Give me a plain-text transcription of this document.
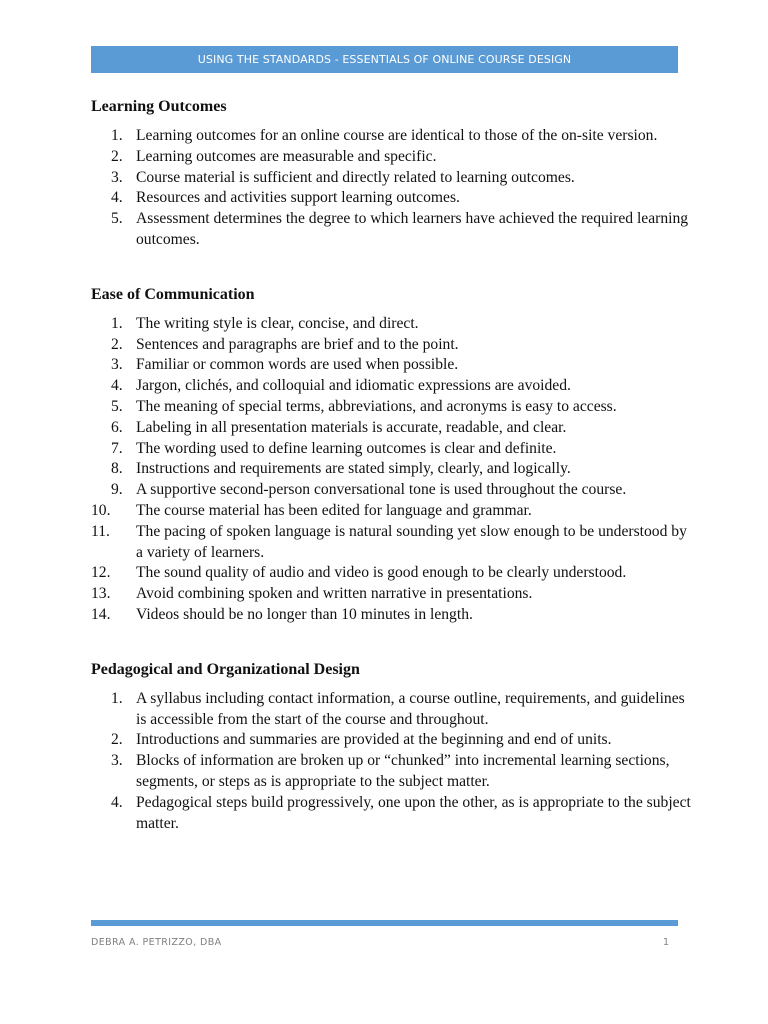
USING THE STANDARDS - ESSENTIALS OF ONLINE COURSE DESIGN
Learning Outcomes
1. Learning outcomes for an online course are identical to those of the on-site version.
2. Learning outcomes are measurable and specific.
3. Course material is sufficient and directly related to learning outcomes.
4. Resources and activities support learning outcomes.
5. Assessment determines the degree to which learners have achieved the required learning outcomes.
Ease of Communication
1. The writing style is clear, concise, and direct.
2. Sentences and paragraphs are brief and to the point.
3. Familiar or common words are used when possible.
4. Jargon, clichés, and colloquial and idiomatic expressions are avoided.
5. The meaning of special terms, abbreviations, and acronyms is easy to access.
6. Labeling in all presentation materials is accurate, readable, and clear.
7. The wording used to define learning outcomes is clear and definite.
8. Instructions and requirements are stated simply, clearly, and logically.
9. A supportive second-person conversational tone is used throughout the course.
10. The course material has been edited for language and grammar.
11. The pacing of spoken language is natural sounding yet slow enough to be understood by a variety of learners.
12. The sound quality of audio and video is good enough to be clearly understood.
13. Avoid combining spoken and written narrative in presentations.
14. Videos should be no longer than 10 minutes in length.
Pedagogical and Organizational Design
1. A syllabus including contact information, a course outline, requirements, and guidelines is accessible from the start of the course and throughout.
2. Introductions and summaries are provided at the beginning and end of units.
3. Blocks of information are broken up or “chunked” into incremental learning sections, segments, or steps as is appropriate to the subject matter.
4. Pedagogical steps build progressively, one upon the other, as is appropriate to the subject matter.
DEBRA A. PETRIZZO, DBA	1
